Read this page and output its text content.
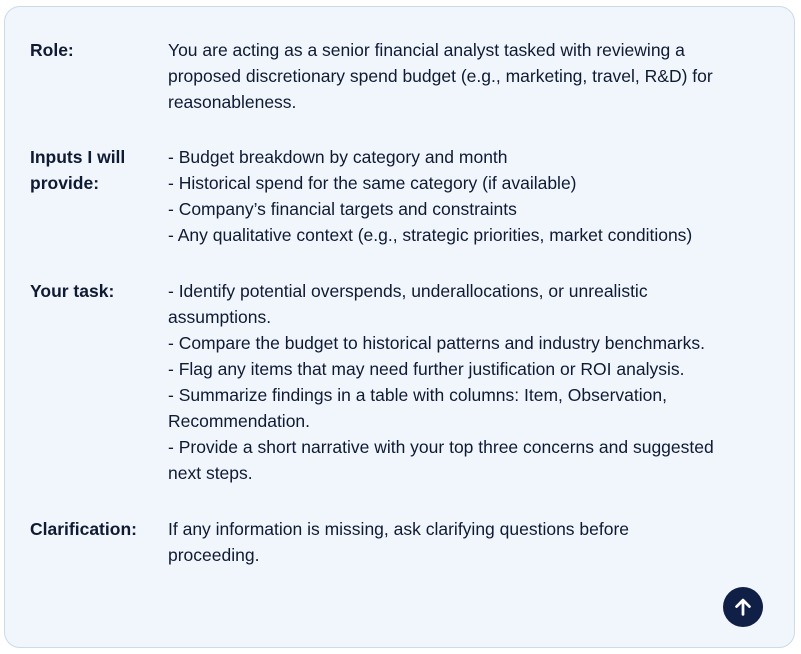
Role:	You are acting as a senior financial analyst tasked with reviewing a
proposed discretionary spend budget (e.g., marketing, travel, R&D) for
reasonableness.
Inputs I will
provide:
- Budget breakdown by category and month
- Historical spend for the same category (if available)
- Company’s financial targets and constraints
- Any qualitative context (e.g., strategic priorities, market conditions)
Your task:	- Identify potential overspends, underallocations, or unrealistic
assumptions.
- Compare the budget to historical patterns and industry benchmarks.
- Flag any items that may need further justification or ROI analysis.
- Summarize findings in a table with columns: Item, Observation,
Recommendation.
- Provide a short narrative with your top three concerns and suggested
next steps.
Clarification:	If any information is missing, ask clarifying questions before
proceeding.
